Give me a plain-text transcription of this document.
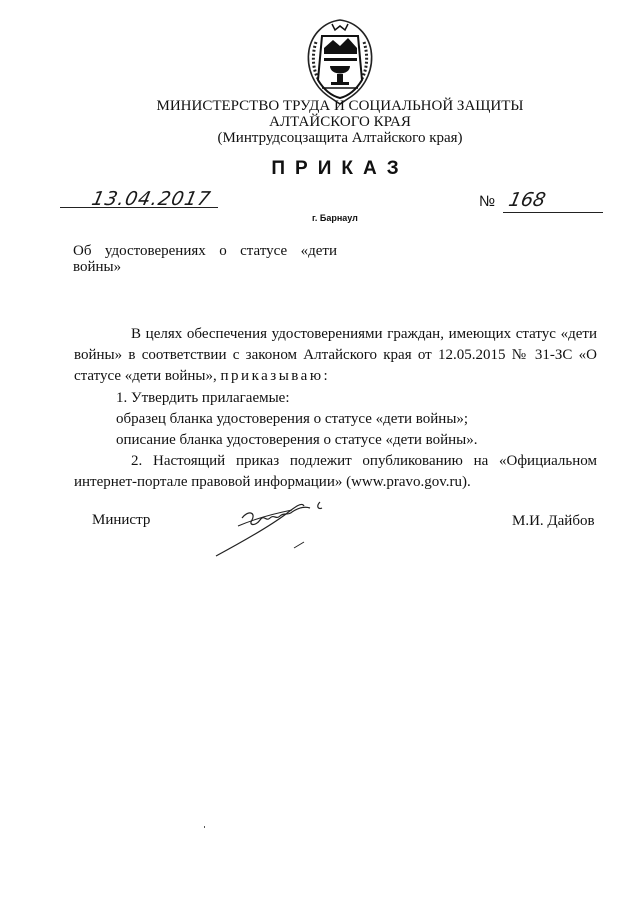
МИНИСТЕРСТВО ТРУДА И СОЦИАЛЬНОЙ ЗАЩИТЫ
АЛТАЙСКОГО КРАЯ
(Минтрудсоцзащита Алтайского края)
ПРИКАЗ
13.04.2017	№ 168
г. Барнаул
Об удостоверениях о статусе «дети войны»

В целях обеспечения удостоверениями граждан, имеющих статус «дети войны» в соответствии с законом Алтайского края от 12.05.2015 № 31-ЗС «О статусе «дети войны», приказываю:

1. Утвердить прилагаемые:

образец бланка удостоверения о статусе «дети войны»;

описание бланка удостоверения о статусе «дети войны».

2. Настоящий приказ подлежит опубликованию на «Официальном интернет-портале правовой информации» (www.pravo.gov.ru).

Министр	М.И. Дайбов
